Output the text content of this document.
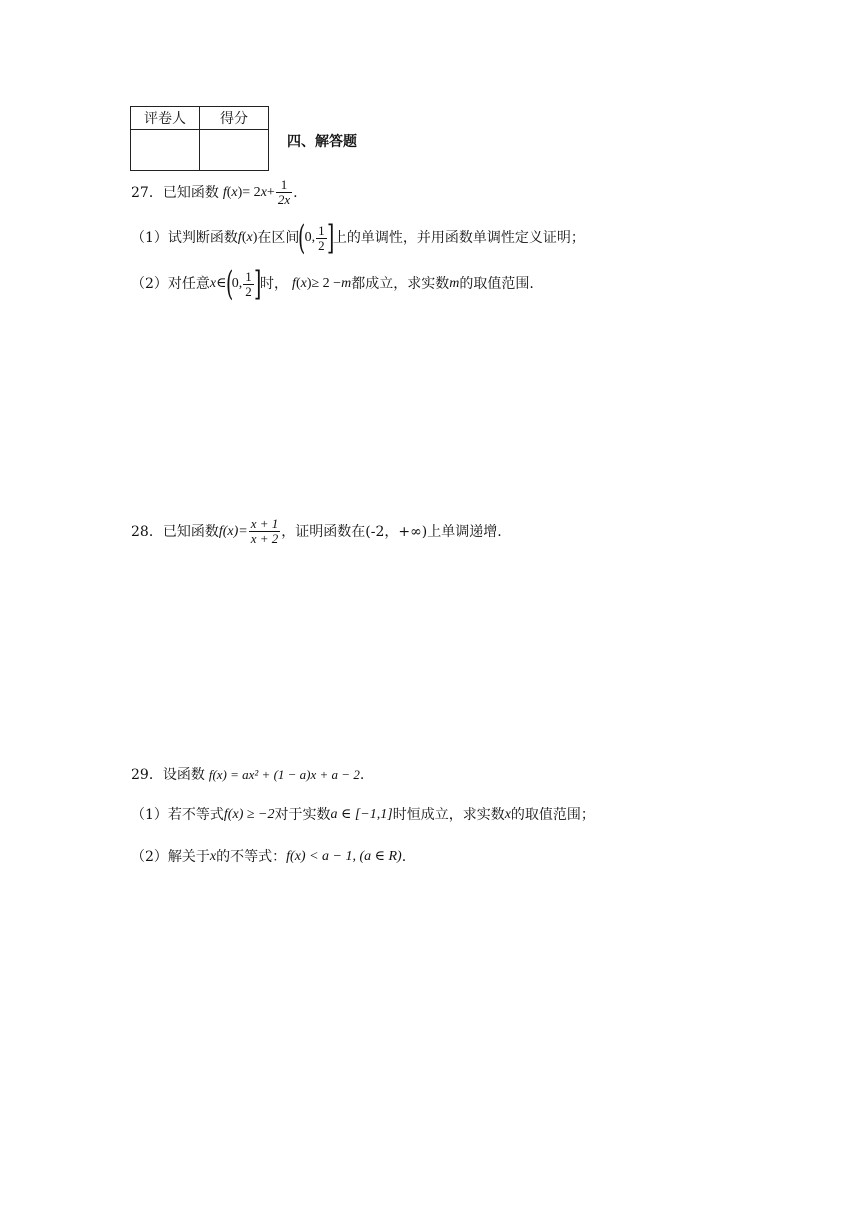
评卷人	得分

四、解答题
27．已知函数 f ( x ) = 2 $x + \frac{1}{2x}$ .
（1）试判断函数 f ( x ) 在区间
(
0, $\frac{1}{2}$ ]
上的单调性，并用函数单调性定义证明；
（2）对任意 x ∈
(
0, $\frac{1}{2}$ ]
时， f ( x ) ≥ 2 − m 都成立，求实数 m 的取值范围.
28．已知函数 $f(x)= \frac{x + 1}{x + 2}$ ，证明函数在(-2，+∞)上单调递增.
29．设函数 f(x) = ax² + (1 − a)x + a − 2 .
（1）若不等式 f(x) ≥ −2 对于实数 a ∈ [−1,1] 时恒成立，求实数 x 的取值范围；
（2）解关于 x 的不等式： f(x) < a − 1, (a ∈ R) .
